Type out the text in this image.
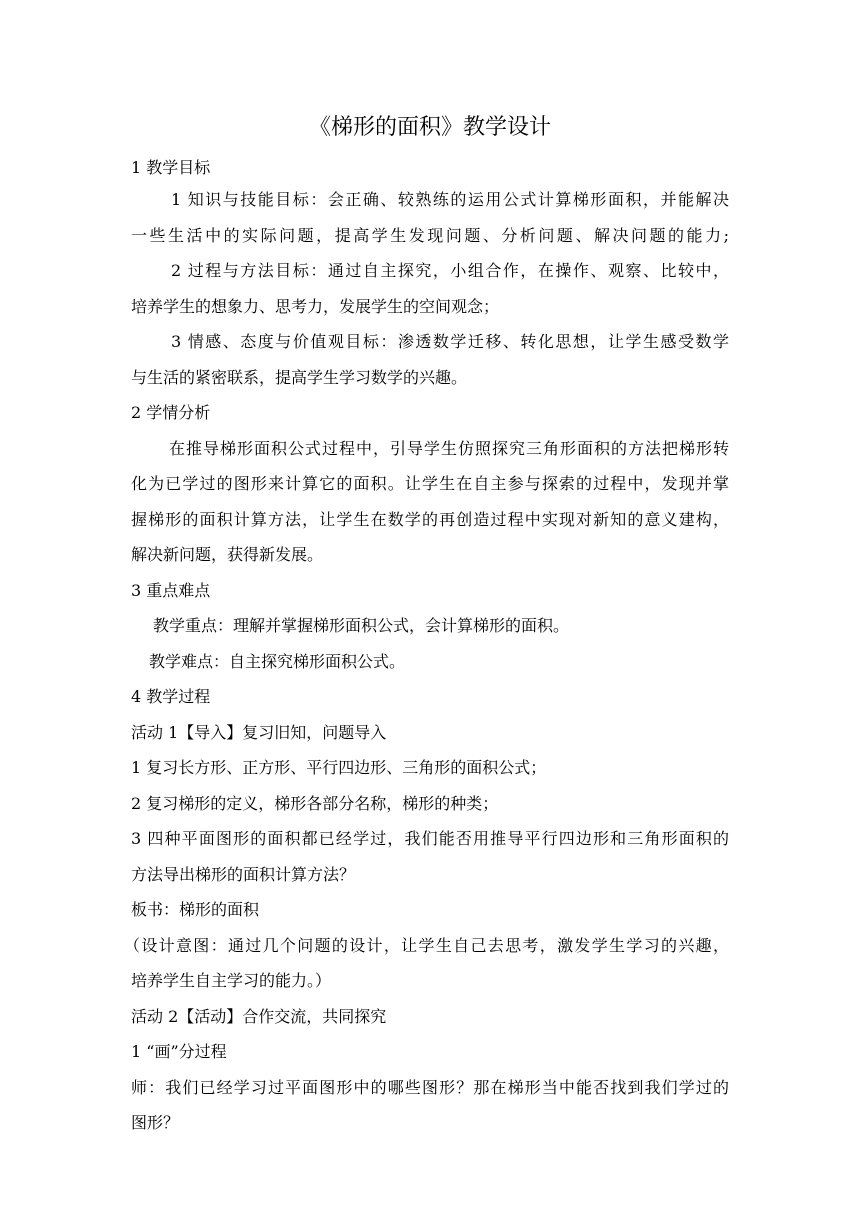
《梯形的面积》教学设计
1 教学目标
1 知识与技能目标：会正确、较熟练的运用公式计算梯形面积，并能解决
一些生活中的实际问题，提高学生发现问题、分析问题、解决问题的能力;
2 过程与方法目标：通过自主探究，小组合作，在操作、观察、比较中，
培养学生的想象力、思考力，发展学生的空间观念；
3 情感、态度与价值观目标：渗透数学迁移、转化思想，让学生感受数学
与生活的紧密联系，提高学生学习数学的兴趣。
2 学情分析
在推导梯形面积公式过程中，引导学生仿照探究三角形面积的方法把梯形转
化为已学过的图形来计算它的面积。让学生在自主参与探索的过程中，发现并掌
握梯形的面积计算方法，让学生在数学的再创造过程中实现对新知的意义建构，
解决新问题，获得新发展。
3 重点难点
教学重点：理解并掌握梯形面积公式，会计算梯形的面积。
教学难点：自主探究梯形面积公式。
4 教学过程
活动 1【导入】复习旧知，问题导入
1 复习长方形、正方形、平行四边形、三角形的面积公式；
2 复习梯形的定义，梯形各部分名称，梯形的种类；
3 四种平面图形的面积都已经学过，我们能否用推导平行四边形和三角形面积的
方法导出梯形的面积计算方法？
板书：梯形的面积
（设计意图：通过几个问题的设计，让学生自己去思考，激发学生学习的兴趣，
培养学生自主学习的能力。）
活动 2【活动】合作交流，共同探究
1 “画”分过程
师：我们已经学习过平面图形中的哪些图形？那在梯形当中能否找到我们学过的
图形？
